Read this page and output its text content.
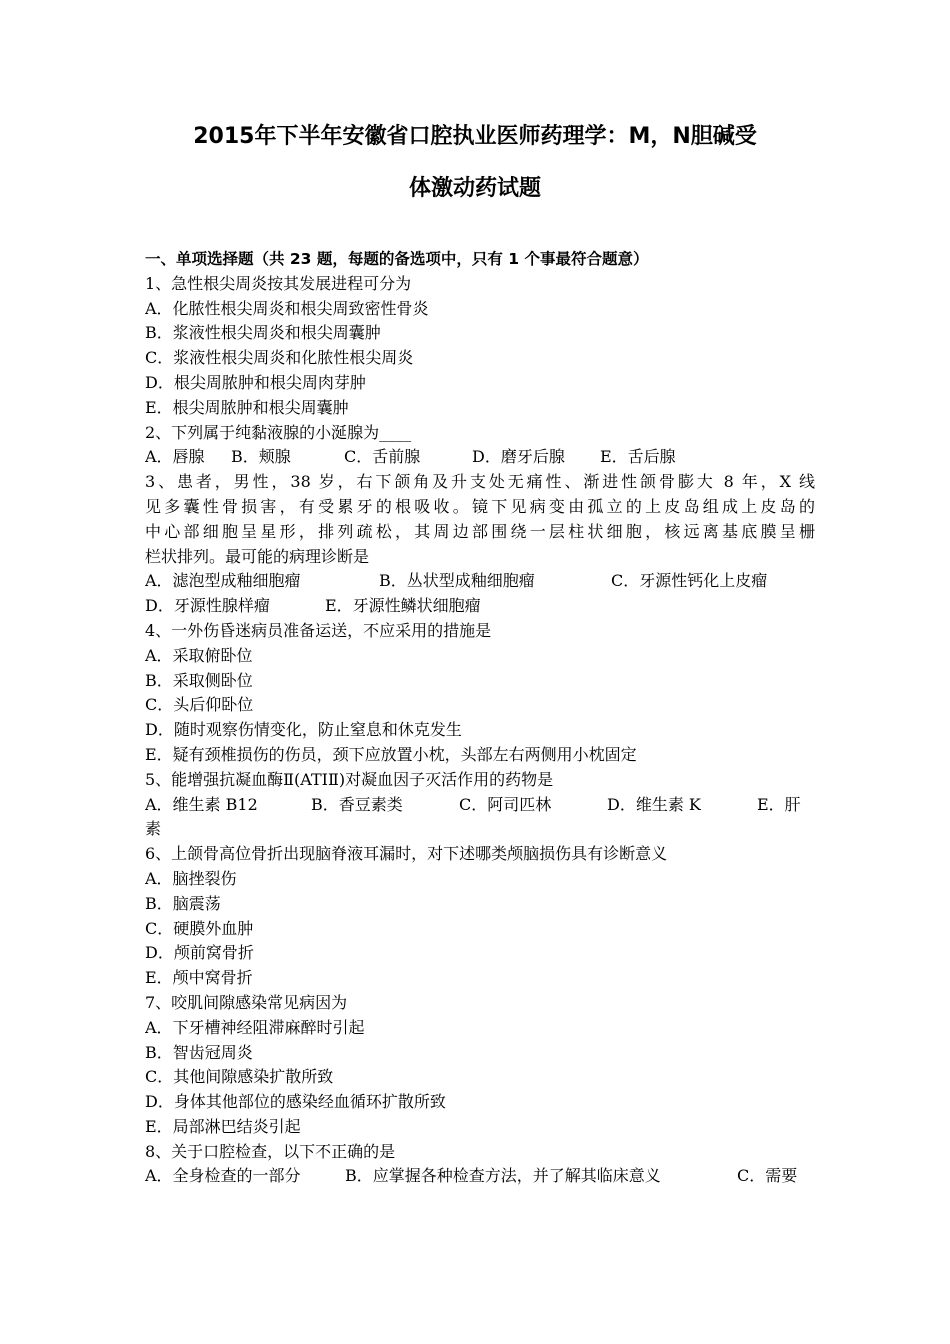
2015年下半年安徽省口腔执业医师药理学：M，N胆碱受
体激动药试题
一、单项选择题（共 23 题，每题的备选项中，只有 1 个事最符合题意）
1、急性根尖周炎按其发展进程可分为
A．化脓性根尖周炎和根尖周致密性骨炎
B．浆液性根尖周炎和根尖周囊肿
C．浆液性根尖周炎和化脓性根尖周炎
D．根尖周脓肿和根尖周肉芽肿
E．根尖周脓肿和根尖周囊肿
2、下列属于纯黏液腺的小涎腺为____
A．唇腺 B．颊腺	C．舌前腺	D．磨牙后腺 E．舌后腺
3、患者，男性，38 岁，右下颌角及升支处无痛性、渐进性颌骨膨大 8 年，X 线
见多囊性骨损害，有受累牙的根吸收。镜下见病变由孤立的上皮岛组成上皮岛的
中心部细胞呈星形，排列疏松，其周边部围绕一层柱状细胞，核远离基底膜呈栅
栏状排列。最可能的病理诊断是
A．滤泡型成釉细胞瘤	B．丛状型成釉细胞瘤	C．牙源性钙化上皮瘤
D．牙源性腺样瘤	E．牙源性鳞状细胞瘤
4、一外伤昏迷病员准备运送，不应采用的措施是
A．采取俯卧位
B．采取侧卧位
C．头后仰卧位
D．随时观察伤情变化，防止窒息和休克发生
E．疑有颈椎损伤的伤员，颈下应放置小枕，头部左右两侧用小枕固定
5、能增强抗凝血酶Ⅱ(ATIⅡ)对凝血因子灭活作用的药物是
A．维生素 B12	B．香豆素类	C．阿司匹林	D．维生素 K	E．肝
素
6、上颌骨高位骨折出现脑脊液耳漏时，对下述哪类颅脑损伤具有诊断意义
A．脑挫裂伤
B．脑震荡
C．硬膜外血肿
D．颅前窝骨折
E．颅中窝骨折
7、咬肌间隙感染常见病因为
A．下牙槽神经阻滞麻醉时引起
B．智齿冠周炎
C．其他间隙感染扩散所致
D．身体其他部位的感染经血循环扩散所致
E．局部淋巴结炎引起
8、关于口腔检查，以下不正确的是
A．全身检查的一部分	B．应掌握各种检查方法，并了解其临床意义	C．需要
